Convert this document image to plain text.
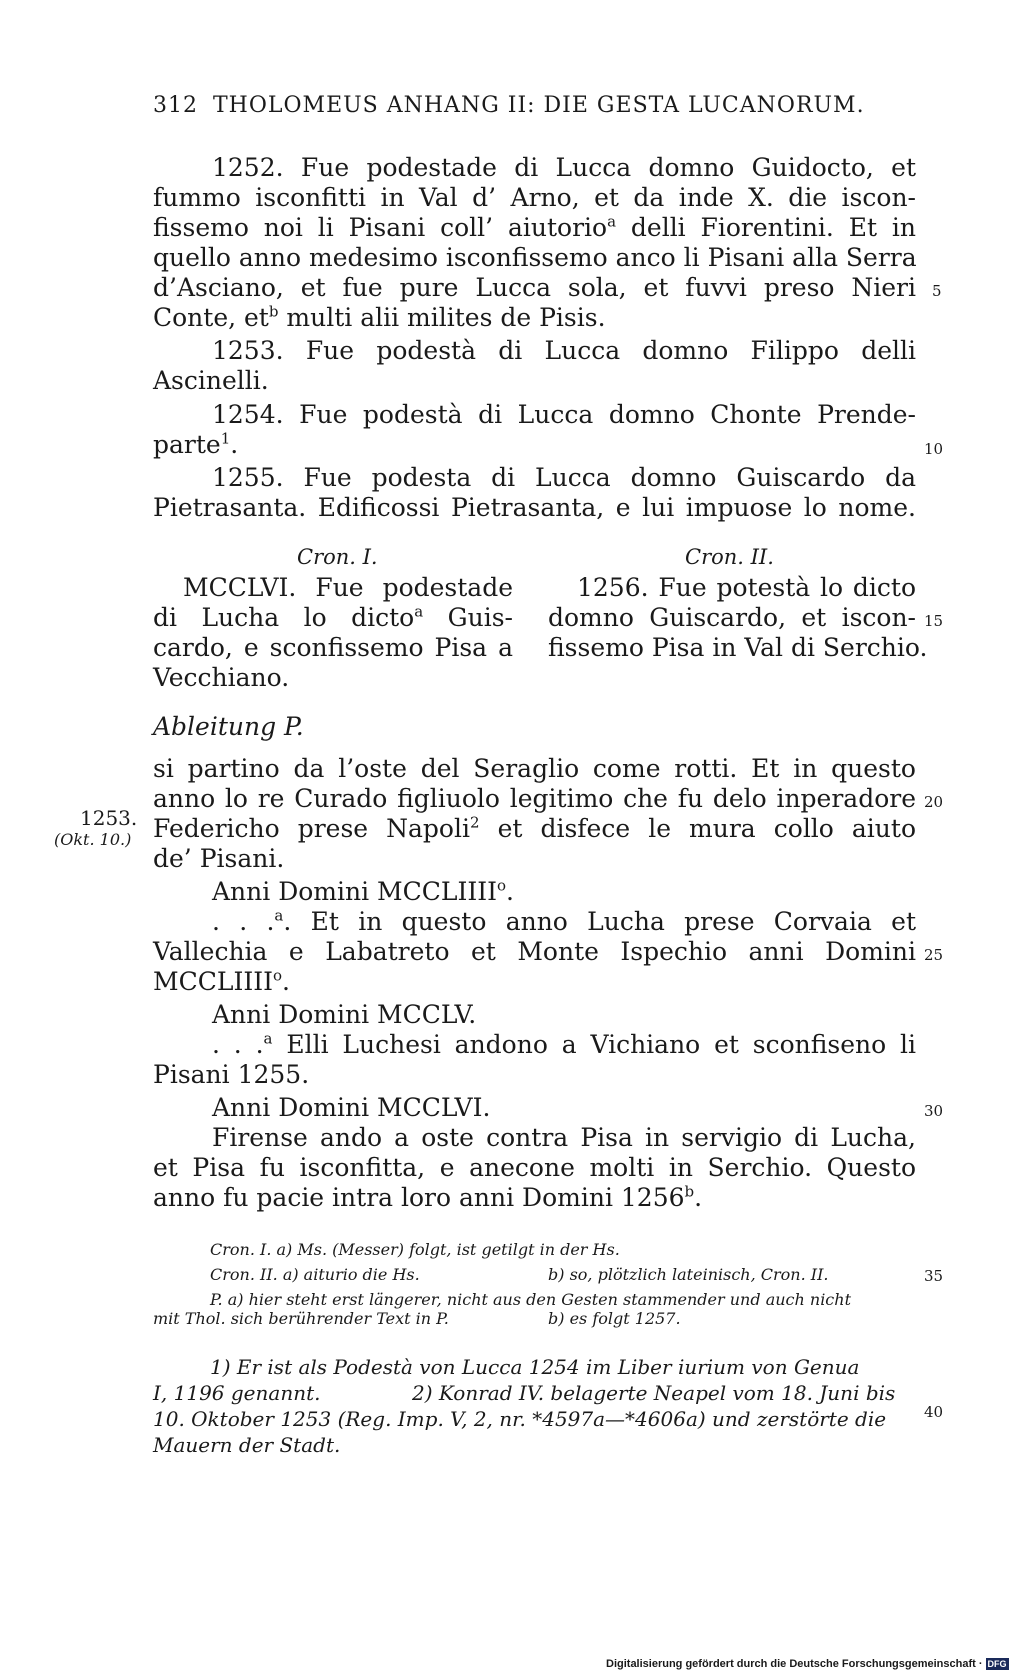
312 THOLOMEUS ANHANG II: DIE GESTA LUCANORUM.
1252. Fue podestade di Lucca domno Guidocto, et
fummo isconfitti in Val d’ Arno, et da inde X. die iscon-
fissemo noi li Pisani coll’ aiutorio$^a$ delli Fiorentini. Et in
quello anno medesimo isconfissemo anco li Pisani alla Serra
d’Asciano, et fue pure Lucca sola, et fuvvi preso Nieri
Conte, $et^b$ multi alii milites de Pisis.
1253. Fue podestà di Lucca domno Filippo delli
Ascinelli.
1254. Fue podestà di Lucca domno Chonte Prende-
parte$^1$.
1255. Fue podesta di Lucca domno Guiscardo da
Pietrasanta. Edificossi Pietrasanta, e lui impuose lo nome.
Cron. I.	Cron. II.
MCCLVI. Fue podestade
di Lucha lo dicto$^a$ Guis-
cardo, e sconfissemo Pisa a
Vecchiano.
1256. Fue potestà lo dicto
domno Guiscardo, et iscon-
fissemo Pisa in Val di Serchio.
Ableitung P.
si partino da l’oste del Seraglio come rotti. Et in questo
anno lo re Curado figliuolo legitimo che fu delo inperadore
Federicho prese Napoli$^2$ et disfece le mura collo aiuto
de’ Pisani.
Anni Domini MCCLIIII$^o$.
. . .$^a$. Et in questo anno Lucha prese Corvaia et
Vallechia e Labatreto et Monte Ispechio anni Domini
MCCLIIII$^o$.
Anni Domini MCCLV.
. . .$^a$ Elli Luchesi andono a Vichiano et sconfiseno li
Pisani 1255.
Anni Domini MCCLVI.
Firense ando a oste contra Pisa in servigio di Lucha,
et Pisa fu isconfitta, e anecone molti in Serchio. Questo
anno fu pacie intra loro anni Domini 1256$^b$.
1253.
(Okt. 10.)
5
10
15
20
25
30
35
40
Cron. I. a) Ms. (Messer) folgt, ist getilgt in der Hs.
Cron. II. a) aiturio die Hs.	b) so, plötzlich lateinisch, Cron. II.
P. a) hier steht erst längerer, nicht aus den Gesten stammender und auch nicht
mit Thol. sich berührender Text in P.	b) es folgt 1257.
1) Er ist als Podestà von Lucca 1254 im Liber iurium von Genua
I, 1196 genannt.	2) Konrad IV. belagerte Neapel vom 18. Juni bis
10. Oktober 1253 (Reg. Imp. V, 2, nr. *4597a—*4606a) und zerstörte die
Mauern der Stadt.
Digitalisierung gefördert durch die Deutsche Forschungsgemeinschaft · DFG
